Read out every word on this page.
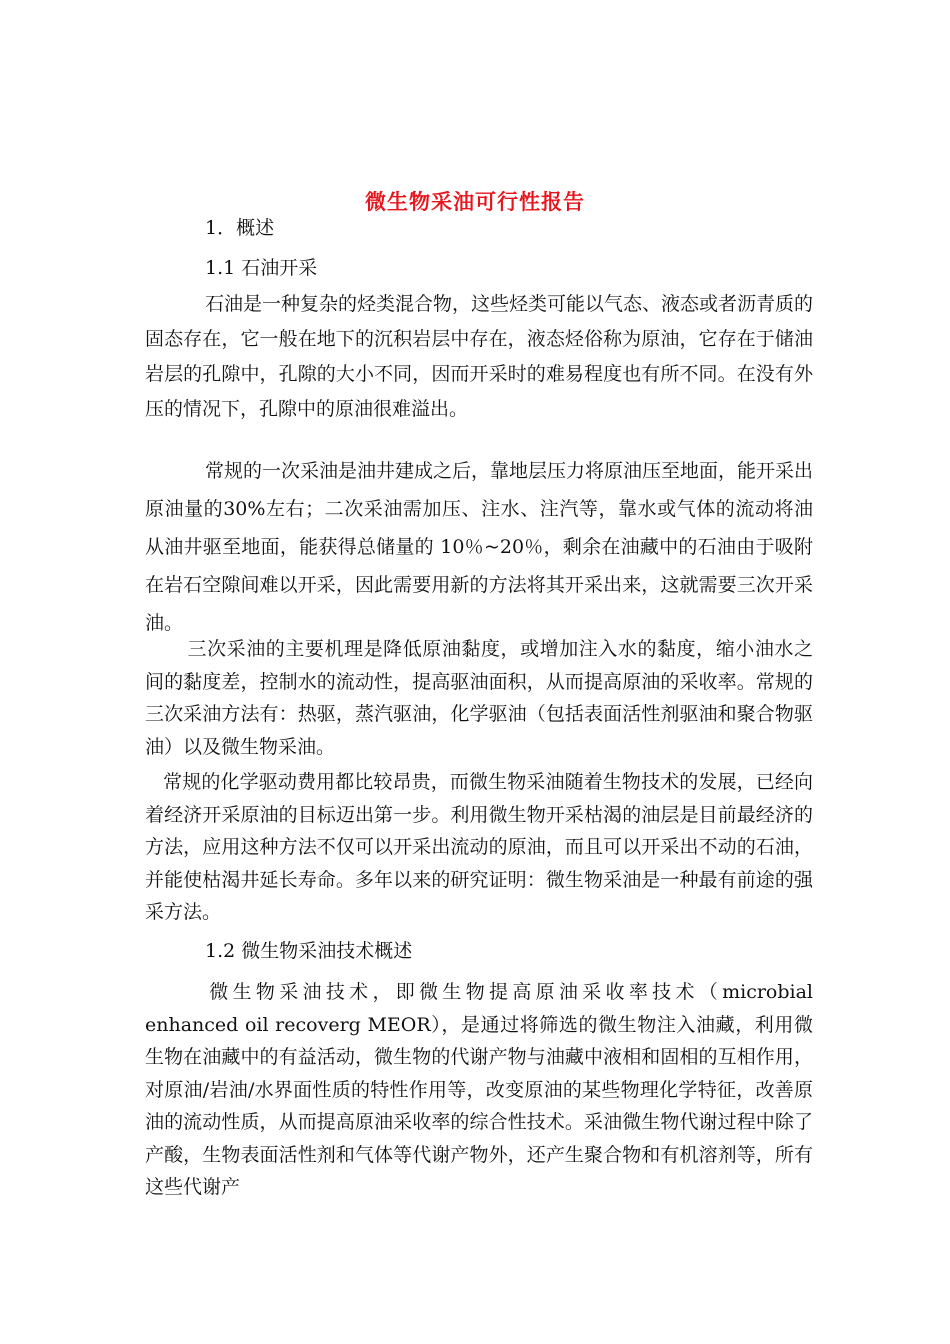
微生物采油可行性报告
1．概述
1.1 石油开采
石油是一种复杂的烃类混合物，这些烃类可能以气态、液态或者沥青质的固态存在，它一般在地下的沉积岩层中存在，液态烃俗称为原油，它存在于储油岩层的孔隙中，孔隙的大小不同，因而开采时的难易程度也有所不同。在没有外压的情况下，孔隙中的原油很难溢出。
常规的一次采油是油井建成之后，靠地层压力将原油压至地面，能开采出原油量的30%左右；二次采油需加压、注水、注汽等，靠水或气体的流动将油从油井驱至地面，能获得总储量的 10％~20％，剩余在油藏中的石油由于吸附在岩石空隙间难以开采，因此需要用新的方法将其开采出来，这就需要三次开采油。
三次采油的主要机理是降低原油黏度，或增加注入水的黏度，缩小油水之间的黏度差，控制水的流动性，提高驱油面积，从而提高原油的采收率。常规的三次采油方法有：热驱，蒸汽驱油，化学驱油（包括表面活性剂驱油和聚合物驱油）以及微生物采油。
常规的化学驱动费用都比较昂贵，而微生物采油随着生物技术的发展，已经向着经济开采原油的目标迈出第一步。利用微生物开采枯渴的油层是目前最经济的方法，应用这种方法不仅可以开采出流动的原油，而且可以开采出不动的石油，并能使枯渴井延长寿命。多年以来的研究证明：微生物采油是一种最有前途的强采方法。
1.2 微生物采油技术概述
微生物采油技术，即微生物提高原油采收率技术（microbial enhanced oil recoverg MEOR），是通过将筛选的微生物注入油藏，利用微生物在油藏中的有益活动，微生物的代谢产物与油藏中液相和固相的互相作用，对原油/岩油/水界面性质的特性作用等，改变原油的某些物理化学特征，改善原油的流动性质，从而提高原油采收率的综合性技术。采油微生物代谢过程中除了产酸，生物表面活性剂和气体等代谢产物外，还产生聚合物和有机溶剂等，所有这些代谢产
